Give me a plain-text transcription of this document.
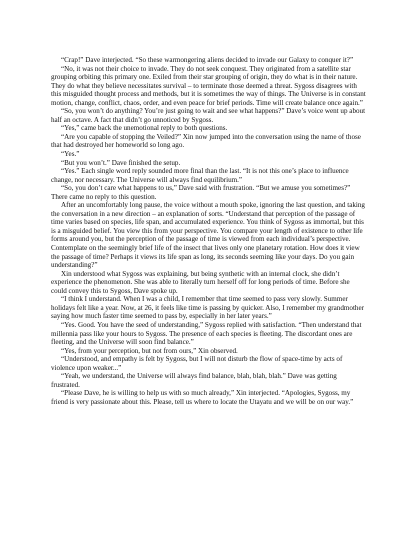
“Crap!” Dave interjected. “So these warmongering aliens decided to invade our Galaxy to conquer it?”

“No, it was not their choice to invade. They do not seek conquest. They originated from a satellite star grouping orbiting this primary one. Exiled from their star grouping of origin, they do what is in their nature. They do what they believe necessitates survival – to terminate those deemed a threat. Sygoss disagrees with this misguided thought process and methods, but it is sometimes the way of things. The Universe is in constant motion, change, conflict, chaos, order, and even peace for brief periods. Time will create balance once again.”

“So, you won’t do anything? You’re just going to wait and see what happens?” Dave’s voice went up about half an octave. A fact that didn’t go unnoticed by Sygoss.

“Yes,” came back the unemotional reply to both questions.

“Are you capable of stopping the Veiled?” Xin now jumped into the conversation using the name of those that had destroyed her homeworld so long ago.

“Yes.”

“But you won’t.” Dave finished the setup.

“Yes.” Each single word reply sounded more final than the last. “It is not this one’s place to influence change, nor necessary. The Universe will always find equilibrium.”

“So, you don’t care what happens to us,” Dave said with frustration. “But we amuse you sometimes?” There came no reply to this question.

After an uncomfortably long pause, the voice without a mouth spoke, ignoring the last question, and taking the conversation in a new direction – an explanation of sorts. “Understand that perception of the passage of time varies based on species, life span, and accumulated experience. You think of Sygoss as immortal, but this is a misguided belief. You view this from your perspective. You compare your length of existence to other life forms around you, but the perception of the passage of time is viewed from each individual’s perspective. Contemplate on the seemingly brief life of the insect that lives only one planetary rotation. How does it view the passage of time? Perhaps it views its life span as long, its seconds seeming like your days. Do you gain understanding?”

Xin understood what Sygoss was explaining, but being synthetic with an internal clock, she didn’t experience the phenomenon. She was able to literally turn herself off for long periods of time. Before she could convey this to Sygoss, Dave spoke up.

“I think I understand. When I was a child, I remember that time seemed to pass very slowly. Summer holidays felt like a year. Now, at 26, it feels like time is passing by quicker. Also, I remember my grandmother saying how much faster time seemed to pass by, especially in her later years.”

“Yes. Good. You have the seed of understanding,” Sygoss replied with satisfaction. “Then understand that millennia pass like your hours to Sygoss. The presence of each species is fleeting. The discordant ones are fleeting, and the Universe will soon find balance.”

“Yes, from your perception, but not from ours,” Xin observed.

“Understood, and empathy is felt by Sygoss, but I will not disturb the flow of space-time by acts of violence upon weaker...”

“Yeah, we understand, the Universe will always find balance, blah, blah, blah.” Dave was getting frustrated.

“Please Dave, he is willing to help us with so much already,” Xin interjected. “Apologies, Sygoss, my friend is very passionate about this. Please, tell us where to locate the Utayatu and we will be on our way.”
